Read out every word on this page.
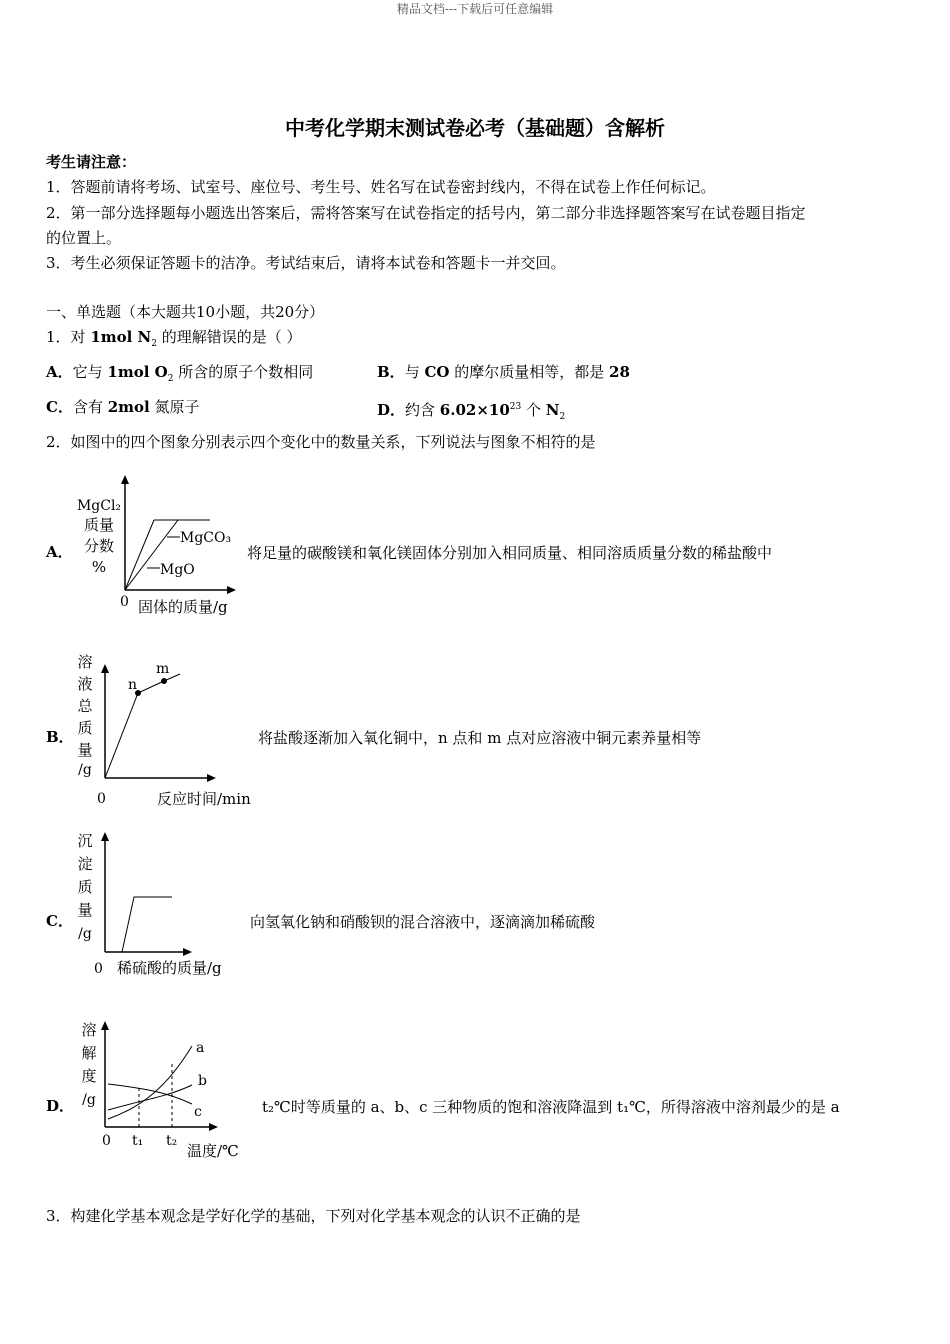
精品文档---下载后可任意编辑
中考化学期末测试卷必考（基础题）含解析
考生请注意：
1．答题前请将考场、试室号、座位号、考生号、姓名写在试卷密封线内，不得在试卷上作任何标记。
2．第一部分选择题每小题选出答案后，需将答案写在试卷指定的括号内，第二部分非选择题答案写在试卷题目指定
的位置上。
3．考生必须保证答题卡的洁净。考试结束后，请将本试卷和答题卡一并交回。
一、单选题（本大题共10小题，共20分）
1．对 1mol $N_2$ 的理解错误的是（ ）
A．它与 1mol $O_2$ 所含的原子个数相同	B．与 CO 的摩尔质量相等，都是 28
C．含有 2mol 氮原子	D．约含 $6.02\times 10^{23}$ 个 $N_2$
2．如图中的四个图象分别表示四个变化中的数量关系，下列说法与图象不相符的是
A．
MgCO₃
MgO
MgCl₂
质量
分数
%
0 固体的质量/g
将足量的碳酸镁和氧化镁固体分别加入相同质量、相同溶质质量分数的稀盐酸中
B．
n
m
溶
液
总
质
量
/g
0	反应时间/min
将盐酸逐渐加入氧化铜中，n 点和 m 点对应溶液中铜元素养量相等
C．
沉
淀
质
量
/g
0 稀硫酸的质量/g
向氢氧化钠和硝酸钡的混合溶液中，逐滴滴加稀硫酸
D．
a
b
c
溶
解
度
/g
0 t₁ t₂
温度/℃
t₂℃时等质量的 a、b、c 三种物质的饱和溶液降温到 t₁℃，所得溶液中溶剂最少的是 a
3．构建化学基本观念是学好化学的基础，下列对化学基本观念的认识不正确的是
